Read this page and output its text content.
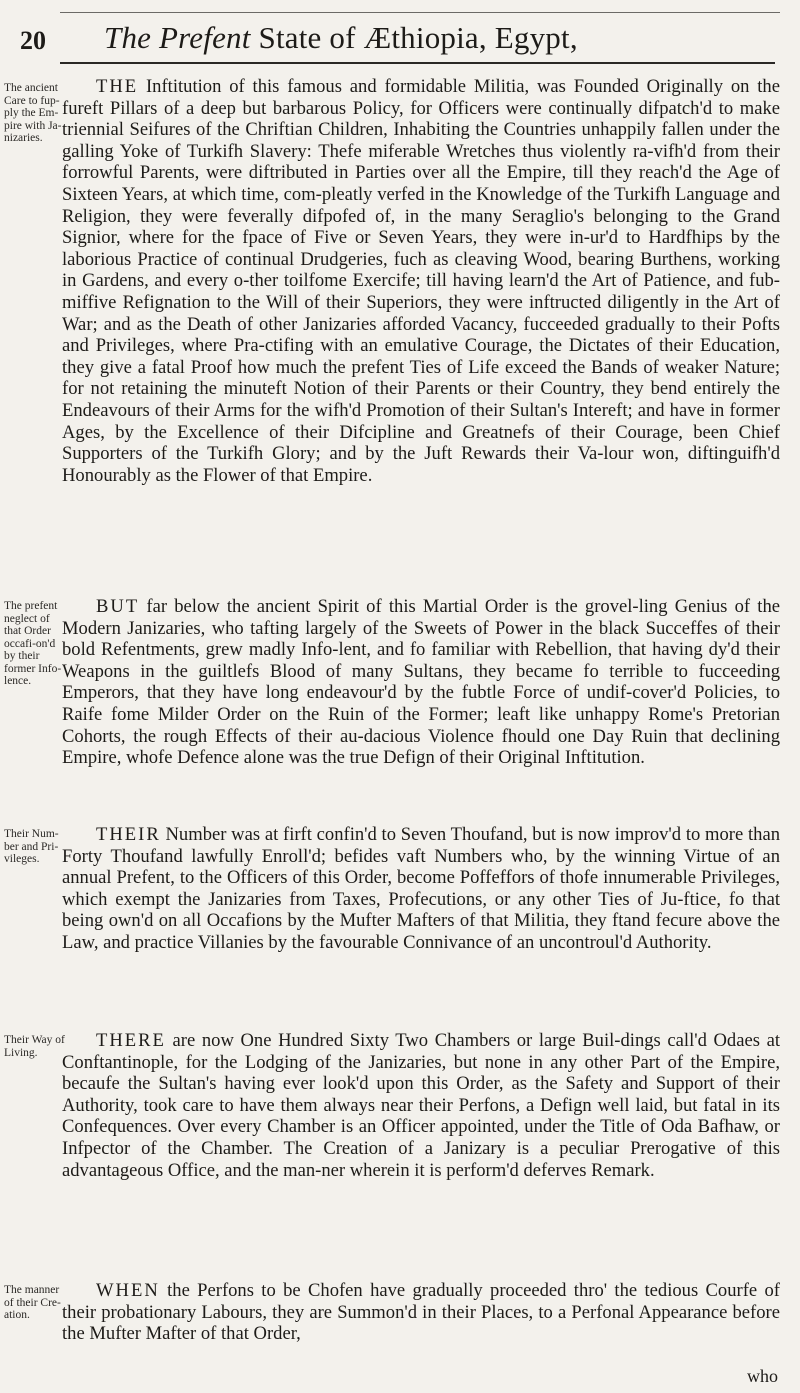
20 The Prefent State of Æthiopia, Egypt,
The ancient Care to fup-ply the Em-pire with Ja-nizaries.

THE Inftitution of this famous and formidable Militia, was Founded Originally on the fureft Pillars of a deep but barbarous Policy, for Officers were continually difpatch'd to make triennial Seifures of the Chriftian Children, Inhabiting the Countries unhappily fallen under the galling Yoke of Turkifh Slavery: Thefe miferable Wretches thus violently ra-vifh'd from their forrowful Parents, were diftributed in Parties over all the Empire, till they reach'd the Age of Sixteen Years, at which time, com-pleatly verfed in the Knowledge of the Turkifh Language and Religion, they were feverally difpofed of, in the many Seraglio's belonging to the Grand Signior, where for the fpace of Five or Seven Years, they were in-ur'd to Hardfhips by the laborious Practice of continual Drudgeries, fuch as cleaving Wood, bearing Burthens, working in Gardens, and every o-ther toilfome Exercife; till having learn'd the Art of Patience, and fub-miffive Refignation to the Will of their Superiors, they were inftructed diligently in the Art of War; and as the Death of other Janizaries afforded Vacancy, fucceeded gradually to their Pofts and Privileges, where Pra-ctifing with an emulative Courage, the Dictates of their Education, they give a fatal Proof how much the prefent Ties of Life exceed the Bands of weaker Nature; for not retaining the minuteft Notion of their Parents or their Country, they bend entirely the Endeavours of their Arms for the wifh'd Promotion of their Sultan's Intereft; and have in former Ages, by the Excellence of their Difcipline and Greatnefs of their Courage, been Chief Supporters of the Turkifh Glory; and by the Juft Rewards their Va-lour won, diftinguifh'd Honourably as the Flower of that Empire.

The prefent neglect of that Order occafi-on'd by their former Info-lence.

BUT far below the ancient Spirit of this Martial Order is the grovel-ling Genius of the Modern Janizaries, who tafting largely of the Sweets of Power in the black Succeffes of their bold Refentments, grew madly Info-lent, and fo familiar with Rebellion, that having dy'd their Weapons in the guiltlefs Blood of many Sultans, they became fo terrible to fucceeding Emperors, that they have long endeavour'd by the fubtle Force of undif-cover'd Policies, to Raife fome Milder Order on the Ruin of the Former; leaft like unhappy Rome's Pretorian Cohorts, the rough Effects of their au-dacious Violence fhould one Day Ruin that declining Empire, whofe Defence alone was the true Defign of their Original Inftitution.

Their Num-ber and Pri-vileges.

THEIR Number was at firft confin'd to Seven Thoufand, but is now improv'd to more than Forty Thoufand lawfully Enroll'd; befides vaft Numbers who, by the winning Virtue of an annual Prefent, to the Officers of this Order, become Poffeffors of thofe innumerable Privileges, which exempt the Janizaries from Taxes, Profecutions, or any other Ties of Ju-ftice, fo that being own'd on all Occafions by the Mufter Mafters of that Militia, they ftand fecure above the Law, and practice Villanies by the favourable Connivance of an uncontroul'd Authority.

Their Way of Living.

THERE are now One Hundred Sixty Two Chambers or large Buil-dings call'd Odaes at Conftantinople, for the Lodging of the Janizaries, but none in any other Part of the Empire, becaufe the Sultan's having ever look'd upon this Order, as the Safety and Support of their Authority, took care to have them always near their Perfons, a Defign well laid, but fatal in its Confequences. Over every Chamber is an Officer appointed, under the Title of Oda Bafhaw, or Infpector of the Chamber. The Creation of a Janizary is a peculiar Prerogative of this advantageous Office, and the man-ner wherein it is perform'd deferves Remark.

The manner of their Cre-ation.

WHEN the Perfons to be Chofen have gradually proceeded thro' the tedious Courfe of their probationary Labours, they are Summon'd in their Places, to a Perfonal Appearance before the Mufter Mafter of that Order,

who
